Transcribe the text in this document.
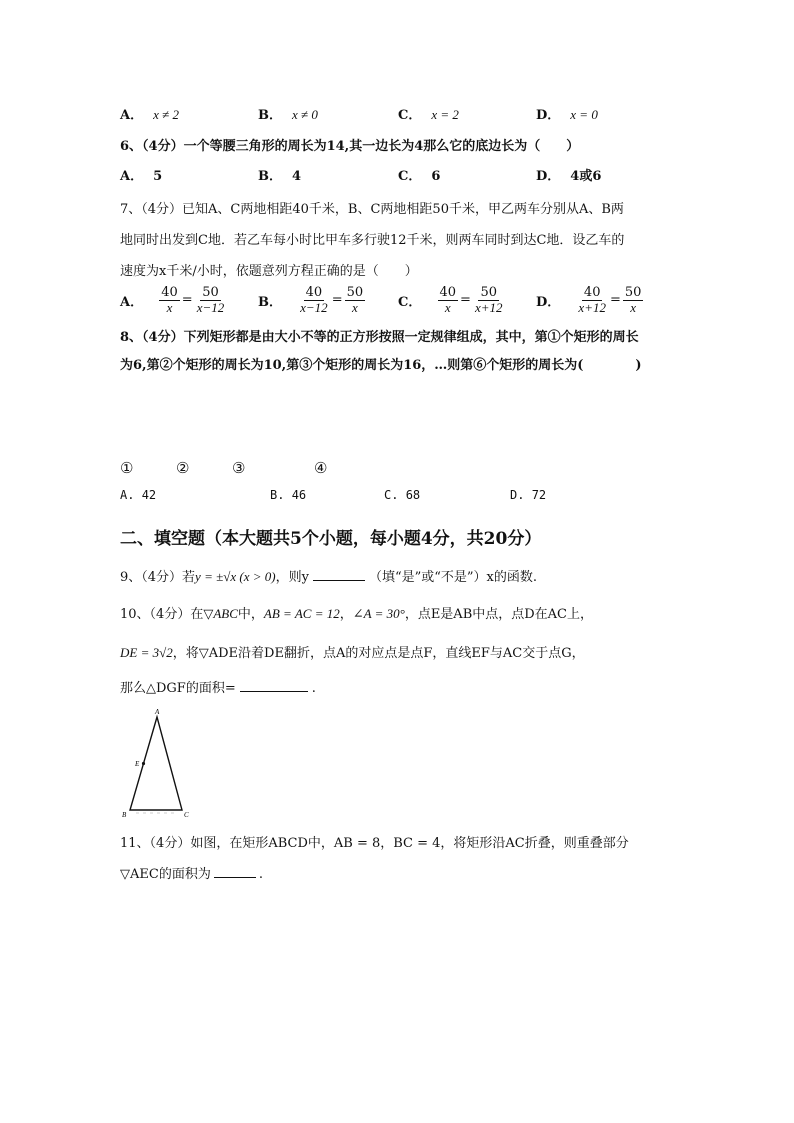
A． x ≠ 2	B． x ≠ 0	C． x = 2	D． x = 0
6、（4分）一个等腰三角形的周长为14,其一边长为4那么它的底边长为（　　）
A． 5	B． 4	C． 6	D． 4或6
7、（4分）已知A、C两地相距40千米，B、C两地相距50千米，甲乙两车分别从A、B两
地同时出发到C地．若乙车每小时比甲车多行驶12千米，则两车同时到达C地．设乙车的
速度为x千米/小时，依题意列方程正确的是（　　）
A． $\frac{40}{x} = \frac{50}{x-12}$ B． $\frac{40}{x-12} = \frac{50}{x}$	C． $\frac{40}{x} = \frac{50}{x+12}$ D． $\frac{40}{x+12} = \frac{50}{x}$
8、（4分）下列矩形都是由大小不等的正方形按照一定规律组成，其中，第①个矩形的周长
为6,第②个矩形的周长为10,第③个矩形的周长为16，…则第⑥个矩形的周长为(　　　　)
①	②	③	④
A. 42	B. 46	C. 68	D. 72
二、填空题（本大题共5个小题，每小题4分，共20分）
9、（4分）若y = ±√x (x > 0)，则y	（填“是”或“不是”）x的函数.
10、（4分）在▽ABC中，AB = AC = 12，∠A = 30°，点E是AB中点，点D在AC上，
DE = 3√2，将▽ADE沿着DE翻折，点A的对应点是点F，直线EF与AC交于点G，
那么△DGF的面积=	.
A
E
B	C
11、（4分）如图，在矩形ABCD中，AB = 8，BC = 4，将矩形沿AC折叠，则重叠部分
▽AEC的面积为	.
